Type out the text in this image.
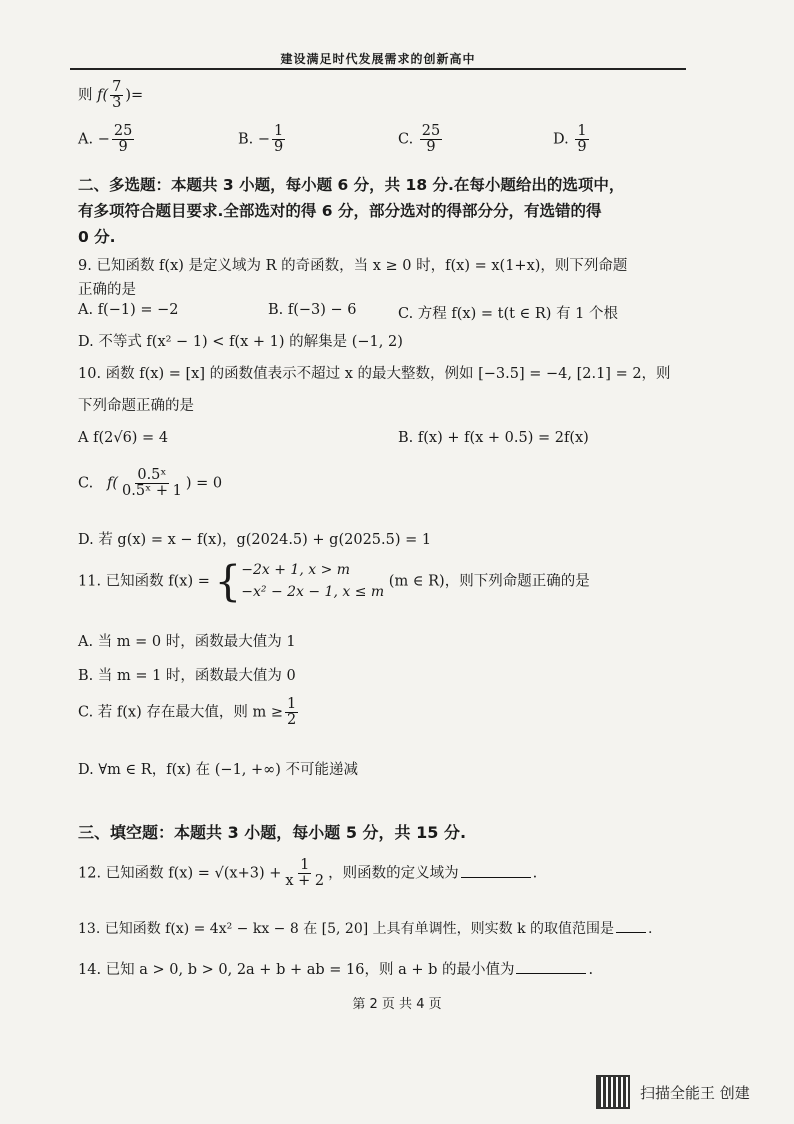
建设满足时代发展需求的创新高中
则 $f( \frac{7}{3}$ )=
A. − $\frac{25}{9}$	B. − $\frac{1}{9}$	C. $\frac{25}{9}$	D. $\frac{1}{9}$
二、多选题：本题共 3 小题，每小题 6 分，共 18 分.在每小题给出的选项中，
有多项符合题目要求.全部选对的得 6 分，部分选对的得部分分，有选错的得
0 分.
9. 已知函数 f(x) 是定义域为 R 的奇函数，当 x ≥ 0 时，f(x) = x(1+x)，则下列命题
正确的是
A. f(−1) = −2	B. f(−3) − 6	C. 方程 f(x) = t(t ∈ R) 有 1 个根
D. 不等式 f(x² − 1) < f(x + 1) 的解集是 (−1, 2)
10. 函数 f(x) = [x] 的函数值表示不超过 x 的最大整数，例如 [−3.5] = −4, [2.1] = 2，则
下列命题正确的是
A f(2√6) = 4	B. f(x) + f(x + 0.5) = 2f(x)
C. $f( \frac{\text{0.5ˣ}}{\text{0.5ˣ + 1}}$ ) = 0
D. 若 g(x) = x − f(x)，g(2024.5) + g(2025.5) = 1
11. 已知函数 f(x) = { −2x + 1, x > m
−x² − 2x − 1, x ≤ m
(m ∈ R)，则下列命题正确的是
A. 当 m = 0 时，函数最大值为 1
B. 当 m = 1 时，函数最大值为 0
C. 若 f(x) 存在最大值，则 $m \ge \frac{1}{2}$
D. ∀m ∈ R，f(x) 在 (−1, +∞) 不可能递减
三、填空题：本题共 3 小题，每小题 5 分，共 15 分.
12. 已知函数 $f(x) = √(x+3) + \frac{1}{x + 2}$ ，则函数的定义域为	.
13. 已知函数 f(x) = 4x² − kx − 8 在 [5, 20] 上具有单调性，则实数 k 的取值范围是 .
14. 已知 a > 0, b > 0, 2a + b + ab = 16，则 a + b 的最小值为	.
第 2 页 共 4 页
扫描全能王 创建
